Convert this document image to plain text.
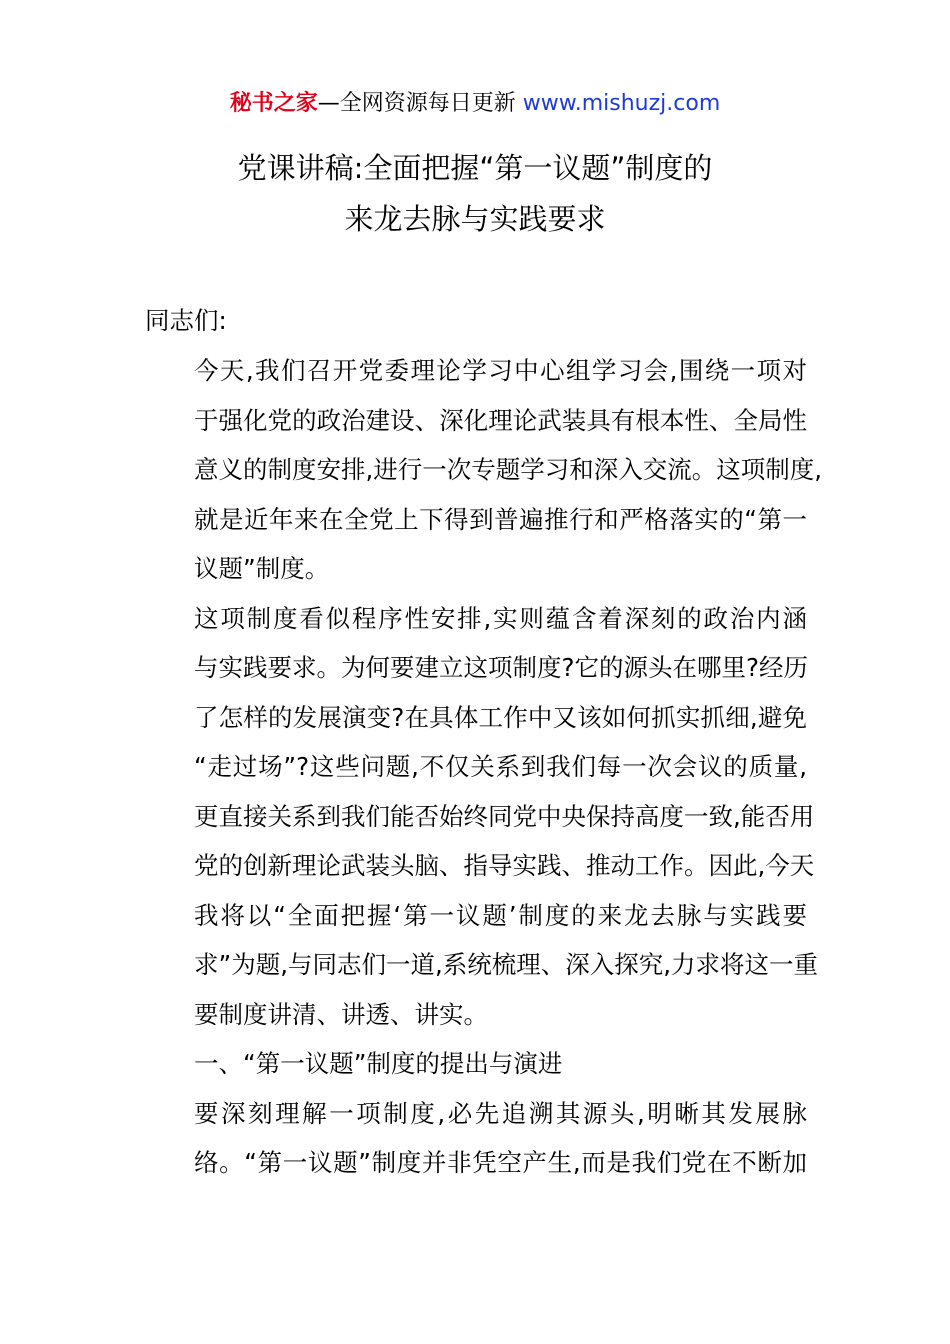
秘书之家—全网资源每日更新 www.mishuzj.com
党课讲稿:全面把握“第一议题”制度的
来龙去脉与实践要求
同志们:

今天,我们召开党委理论学习中心组学习会,围绕一项对
于强化党的政治建设、深化理论武装具有根本性、全局性
意义的制度安排,进行一次专题学习和深入交流。这项制度,
就是近年来在全党上下得到普遍推行和严格落实的“第一
议题”制度。

这项制度看似程序性安排,实则蕴含着深刻的政治内涵
与实践要求。为何要建立这项制度?它的源头在哪里?经历
了怎样的发展演变?在具体工作中又该如何抓实抓细,避免
“走过场”?这些问题,不仅关系到我们每一次会议的质量,
更直接关系到我们能否始终同党中央保持高度一致,能否用
党的创新理论武装头脑、指导实践、推动工作。因此,今天
我将以“全面把握‘第一议题’制度的来龙去脉与实践要
求”为题,与同志们一道,系统梳理、深入探究,力求将这一重
要制度讲清、讲透、讲实。

一、“第一议题”制度的提出与演进

要深刻理解一项制度,必先追溯其源头,明晰其发展脉
络。“第一议题”制度并非凭空产生,而是我们党在不断加
